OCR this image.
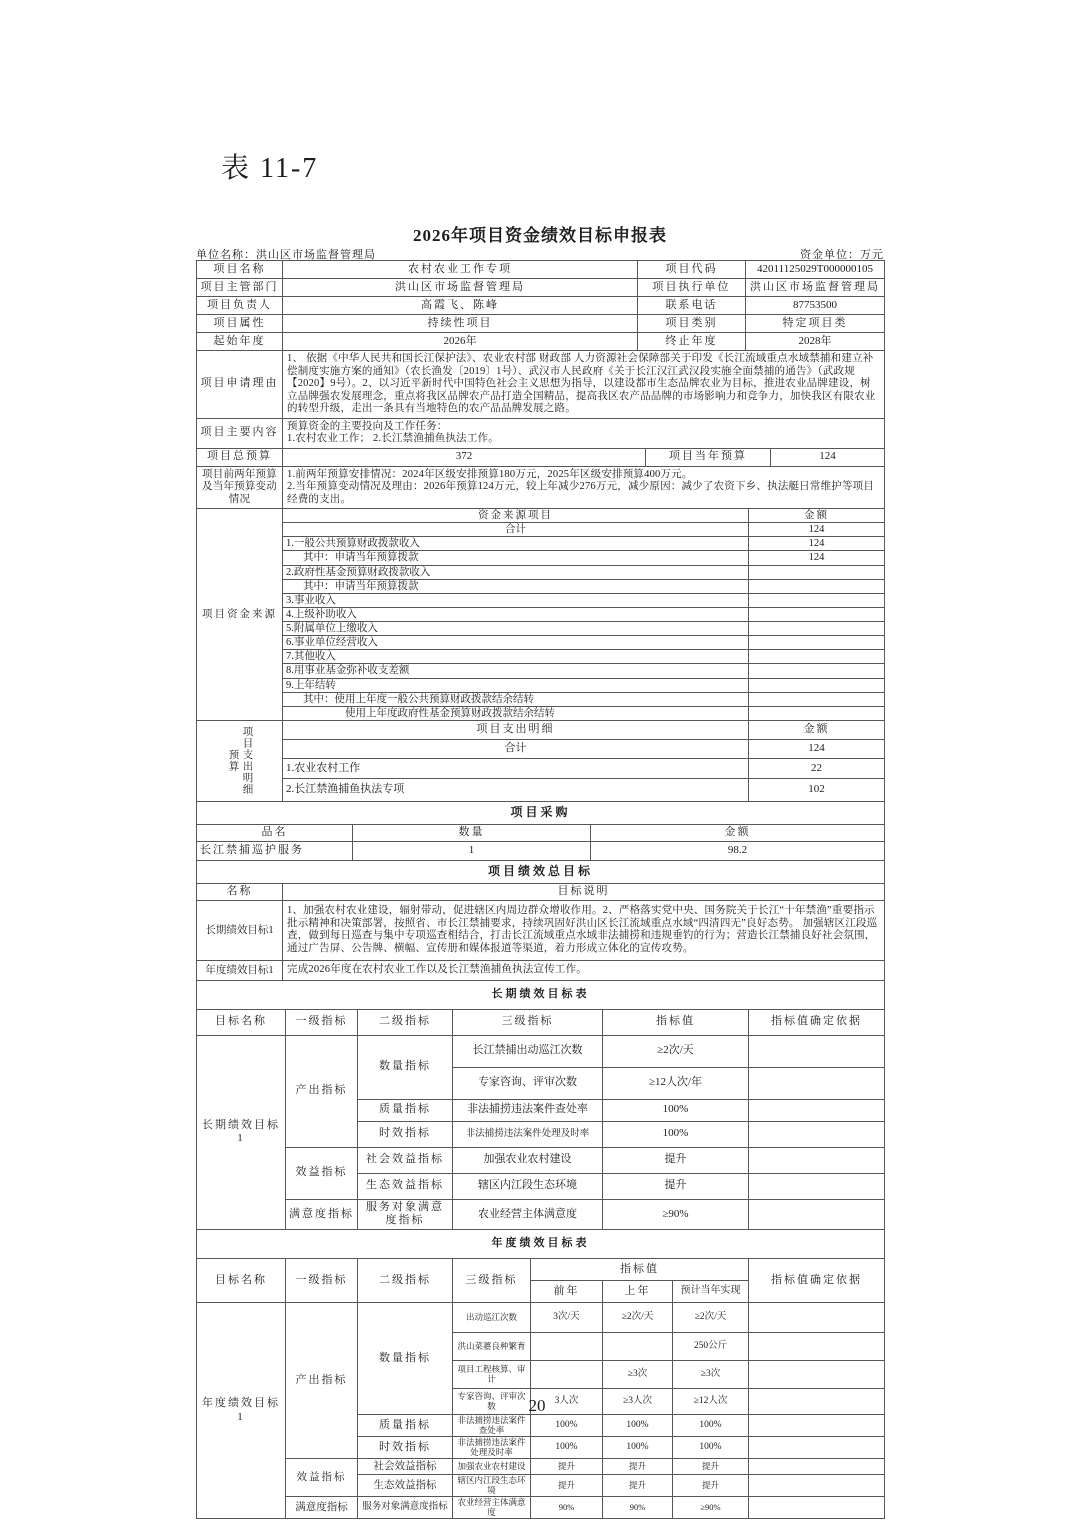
表 11-7
2026年项目资金绩效目标申报表
单位名称：洪山区市场监督管理局	资金单位：万元
项目名称	农村农业工作专项	项目代码	42011125029T000000105
项目主管部门	洪山区市场监督管理局	项目执行单位	洪山区市场监督管理局
项目负责人	高霞飞、陈峰	联系电话	87753500
项目属性	持续性项目	项目类别	特定项目类
起始年度	2026年	终止年度	2028年
项目申请理由	1、 依据《中华人民共和国长江保护法》、农业农村部 财政部 人力资源社会保障部关于印发《长江流域重点水域禁捕和建立补偿制度实施方案的通知》（农长渔发〔2019〕1号）、武汉市人民政府《关于长江汉江武汉段实施全面禁捕的通告》（武政规【2020】9号）。2、以习近平新时代中国特色社会主义思想为指导，以建设都市生态品牌农业为目标，推进农业品牌建设，树立品牌强农发展理念，重点将我区品牌农产品打造全国精品，提高我区农产品品牌的市场影响力和竞争力，加快我区有限农业的转型升级，走出一条具有当地特色的农产品品牌发展之路。
项目主要内容	预算资金的主要投向及工作任务：
1.农村农业工作； 2.长江禁渔捕鱼执法工作。
项目总预算	372	项目当年预算	124
项目前两年预算及当年预算变动情况	
1.前两年预算安排情况：2024年区级安排预算180万元，2025年区级安排预算400万元。
2.当年预算变动情况及理由：2026年预算124万元，较上年减少276万元，减少原因：减少了农资下乡、执法艇日常维护等项目经费的支出。
项目资金来源	资金来源项目	金额
	合计	124
	1.一般公共预算财政拨款收入	124
	其中：申请当年预算拨款	124
	2.政府性基金预算财政拨款收入	
	其中：申请当年预算拨款	
	3.事业收入	
	4.上级补助收入	
	5.附属单位上缴收入	
	6.事业单位经营收入	
	7.其他收入	
	8.用事业基金弥补收支差额	
	9.上年结转	
	其中：使用上年度一般公共预算财政拨款结余结转	
	使用上年度政府性基金预算财政拨款结余结转	
项目支出明细预算	项目支出明细	金额
	合计	124
	1.农业农村工作	22
	2.长江禁渔捕鱼执法专项	102
项目采购		
品名	数量	金额
长江禁捕巡护服务	1	98.2
项目绩效总目标	
名称	目标说明
长期绩效目标1	1、加强农村农业建设，辐射带动，促进辖区内周边群众增收作用。2、严格落实党中央、国务院关于长江“十年禁渔”重要指示批示精神和决策部署，按照省、市长江禁捕要求，持续巩固好洪山区长江流域重点水域“四清四无”良好态势。 加强辖区江段巡查，做到每日巡查与集中专项巡查相结合，打击长江流域重点水域非法捕捞和违规垂钓的行为；营造长江禁捕良好社会氛围，通过广告屏、公告牌、横幅、宣传册和媒体报道等渠道，着力形成立体化的宣传攻势。
年度绩效目标1	完成2026年度在农村农业工作以及长江禁渔捕鱼执法宣传工作。
长期绩效目标表					
目标名称	一级指标	二级指标	三级指标	指标值	指标值确定依据
长期绩效目标1	产出指标	数量指标	长江禁捕出动巡江次数	≥2次/天	
			专家咨询、评审次数	≥12人次/年	
		质量指标	非法捕捞违法案件查处率	100%	
		时效指标	非法捕捞违法案件处理及时率	100%	
	效益指标	社会效益指标	加强农业农村建设	提升	
		生态效益指标	辖区内江段生态环境	提升	
	满意度指标	服务对象满意度指标	农业经营主体满意度	≥90%	
年度绩效目标表							
目标名称	一级指标	二级指标	三级指标	指标值			指标值确定依据
				前年	上年	预计当年实现	
年度绩效目标1	产出指标	数量指标	出动巡江次数	3次/天	≥2次/天	≥2次/天	
			洪山菜薹良种繁育			250公斤	
			项目工程核算、审计		≥3次	≥3次	
			专家咨询、评审次数	3人次	≥3人次	≥12人次	
		质量指标	非法捕捞违法案件查处率	100%	100%	100%	
		时效指标	非法捕捞违法案件处理及时率	100%	100%	100%	
	效益指标	社会效益指标	加强农业农村建设	提升	提升	提升	
		生态效益指标	辖区内江段生态环境	提升	提升	提升	
	满意度指标	服务对象满意度指标	农业经营主体满意度	90%	90%	≥90%	
20
